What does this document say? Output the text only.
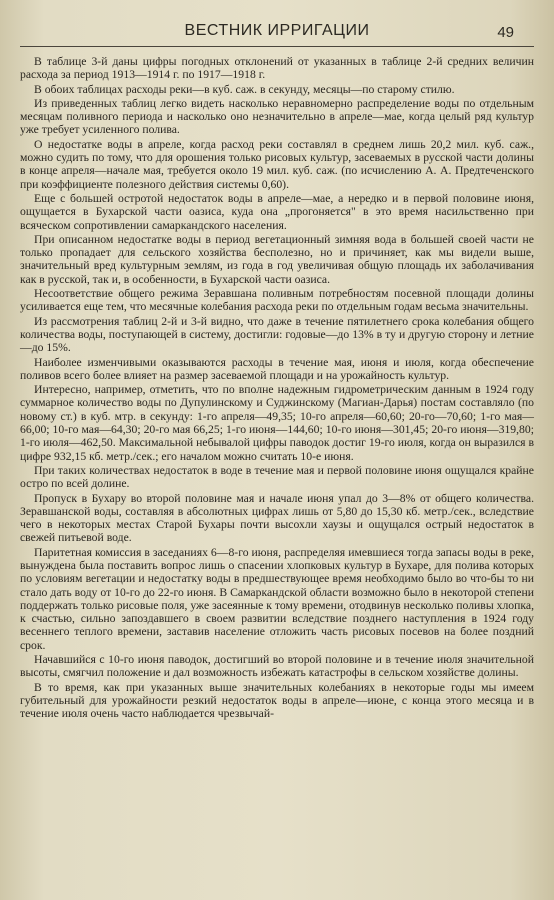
ВЕСТНИК ИРРИГАЦИИ	49

В таблице 3-й даны цифры погодных отклонений от указанных в таблице 2-й средних величин расхода за период 1913—1914 г. по 1917—1918 г.

В обоих таблицах расходы реки—в куб. саж. в секунду, месяцы—по старому стилю.

Из приведенных таблиц легко видеть насколько неравномерно распределение воды по отдельным месяцам поливного периода и насколько оно незначительно в апреле—мае, когда целый ряд культур уже требует усиленного полива.

О недостатке воды в апреле, когда расход реки составлял в среднем лишь 20,2 мил. куб. саж., можно судить по тому, что для орошения только рисовых культур, засеваемых в русской части долины в конце апреля—начале мая, требуется около 19 мил. куб. саж. (по исчислению А. А. Предтеченского при коэффициенте полезного действия системы 0,60).

Еще с большей остротой недостаток воды в апреле—мае, а нередко и в первой половине июня, ощущается в Бухарской части оазиса, куда она „прогоняется" в это время насильственно при всяческом сопротивлении самаркандского населения.

При описанном недостатке воды в период вегетационный зимняя вода в большей своей части не только пропадает для сельского хозяйства бесполезно, но и причиняет, как мы видели выше, значительный вред культурным землям, из года в год увеличивая общую площадь их заболачивания как в русской, так и, в особенности, в Бухарской части оазиса.

Несоответствие общего режима Зеравшана поливным потребностям посевной площади долины усиливается еще тем, что месячные колебания расхода реки по отдельным годам весьма значительны.

Из рассмотрения таблиц 2-й и 3-й видно, что даже в течение пятилетнего срока колебания общего количества воды, поступающей в систему, достигли: годовые—до 13% в ту и другую сторону и летние—до 15%.

Наиболее изменчивыми оказываются расходы в течение мая, июня и июля, когда обеспечение поливов всего более влияет на размер засеваемой площади и на урожайность культур.

Интересно, например, отметить, что по вполне надежным гидрометрическим данным в 1924 году суммарное количество воды по Дупулинскому и Суджинскому (Магиан-Дарья) постам составляло (по новому ст.) в куб. мтр. в секунду: 1-го апреля—49,35; 10-го апреля—60,60; 20-го—70,60; 1-го мая—66,00; 10-го мая—64,30; 20-го мая 66,25; 1-го июня—144,60; 10-го июня—301,45; 20-го июня—319,80; 1-го июля—462,50. Максимальной небывалой цифры паводок достиг 19-го июля, когда он выразился в цифре 932,15 кб. метр./сек.; его началом можно считать 10-е июня.

При таких количествах недостаток в воде в течение мая и первой половине июня ощущался крайне остро по всей долине.

Пропуск в Бухару во второй половине мая и начале июня упал до 3—8% от общего количества. Зеравшанской воды, составляя в абсолютных цифрах лишь от 5,80 до 15,30 кб. метр./сек., вследствие чего в некоторых местах Старой Бухары почти высохли хаузы и ощущался острый недостаток в свежей питьевой воде.

Паритетная комиссия в заседаниях 6—8-го июня, распределяя имевшиеся тогда запасы воды в реке, вынуждена была поставить вопрос лишь о спасении хлопковых культур в Бухаре, для полива которых по условиям вегетации и недостатку воды в предшествующее время необходимо было во что-бы то ни стало дать воду от 10-го до 22-го июня. В Самаркандской области возможно было в некоторой степени поддержать только рисовые поля, уже засеянные к тому времени, отодвинув несколько поливы хлопка, к счастью, сильно запоздавшего в своем развитии вследствие позднего наступления в 1924 году весеннего теплого времени, заставив население отложить часть рисовых посевов на более поздний срок.

Начавшийся с 10-го июня паводок, достигший во второй половине и в течение июля значительной высоты, смягчил положение и дал возможность избежать катастрофы в сельском хозяйстве долины.

В то время, как при указанных выше значительных колебаниях в некоторые годы мы имеем губительный для урожайности резкий недостаток воды в апреле—июне, с конца этого месяца и в течение июля очень часто наблюдается чрезвычай-
